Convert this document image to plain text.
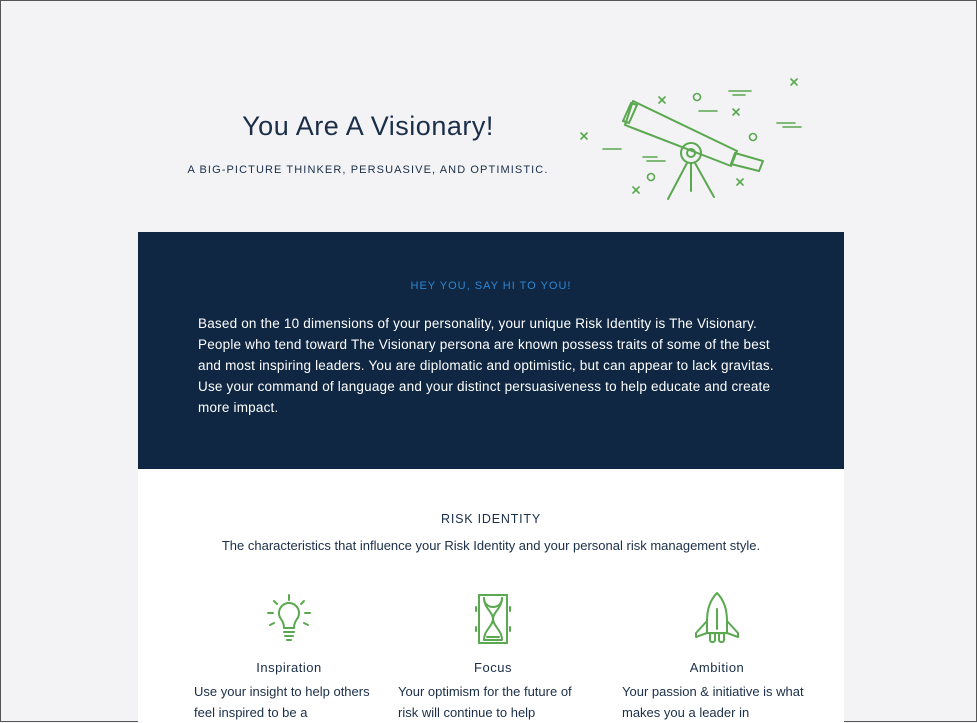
You Are A Visionary!

A BIG-PICTURE THINKER, PERSUASIVE, AND OPTIMISTIC.

HEY YOU, SAY HI TO YOU!

Based on the 10 dimensions of your personality, your unique Risk Identity is The Visionary. People who tend toward The Visionary persona are known possess traits of some of the best and most inspiring leaders. You are diplomatic and optimistic, but can appear to lack gravitas. Use your command of language and your distinct persuasiveness to help educate and create more impact.

RISK IDENTITY

The characteristics that influence your Risk Identity and your personal risk management style.

Inspiration
Use your insight to help others feel inspired to be a
Focus
Your optimism for the future of risk will continue to help
Ambition
Your passion & initiative is what makes you a leader in
